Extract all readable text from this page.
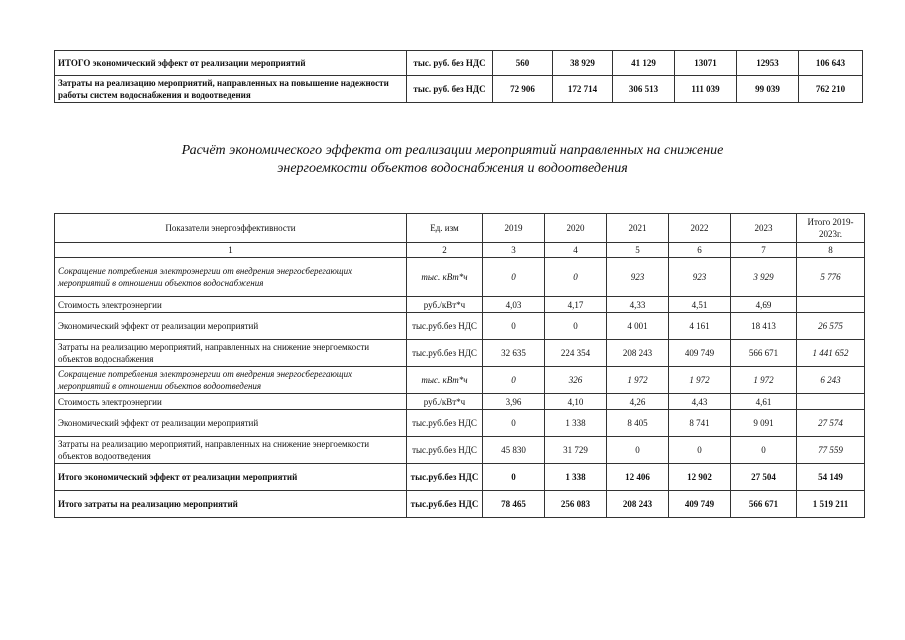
ИТОГО экономический эффект от реализации мероприятий	тыс. руб. без НДС	560	38 929	41 129	13071	12953	106 643
Затраты на реализацию мероприятий, направленных на повышение надежности работы систем водоснабжения и водоотведения	тыс. руб. без НДС	72 906	172 714	306 513	111 039	99 039	762 210
Расчёт экономического эффекта от реализации мероприятий направленных на снижение
энергоемкости объектов водоснабжения и водоотведения
Показатели энергоэффективности	Ед. изм	2019	2020	2021	2022	2023	Итого 2019-2023г.
1	2	3	4	5	6	7	8
Сокращение потребления электроэнергии от внедрения энергосберегающих мероприятий в отношении объектов водоснабжения	тыс. кВт*ч	0	0	923	923	3 929	5 776
Стоимость электроэнергии	руб./кВт*ч	4,03	4,17	4,33	4,51	4,69	
Экономический эффект от реализации мероприятий	тыс.руб.без НДС	0	0	4 001	4 161	18 413	26 575
Затраты на реализацию мероприятий, направленных на снижение энергоемкости объектов водоснабжения	тыс.руб.без НДС	32 635	224 354	208 243	409 749	566 671	1 441 652
Сокращение потребления электроэнергии от внедрения энергосберегающих мероприятий в отношении объектов водоотведения	тыс. кВт*ч	0	326	1 972	1 972	1 972	6 243
Стоимость электроэнергии	руб./кВт*ч	3,96	4,10	4,26	4,43	4,61	
Экономический эффект от реализации мероприятий	тыс.руб.без НДС	0	1 338	8 405	8 741	9 091	27 574
Затраты на реализацию мероприятий, направленных на снижение энергоемкости объектов водоотведения	тыс.руб.без НДС	45 830	31 729	0	0	0	77 559
Итого экономический эффект от реализации мероприятий	тыс.руб.без НДС	0	1 338	12 406	12 902	27 504	54 149
Итого затраты на реализацию мероприятий	тыс.руб.без НДС	78 465	256 083	208 243	409 749	566 671	1 519 211
